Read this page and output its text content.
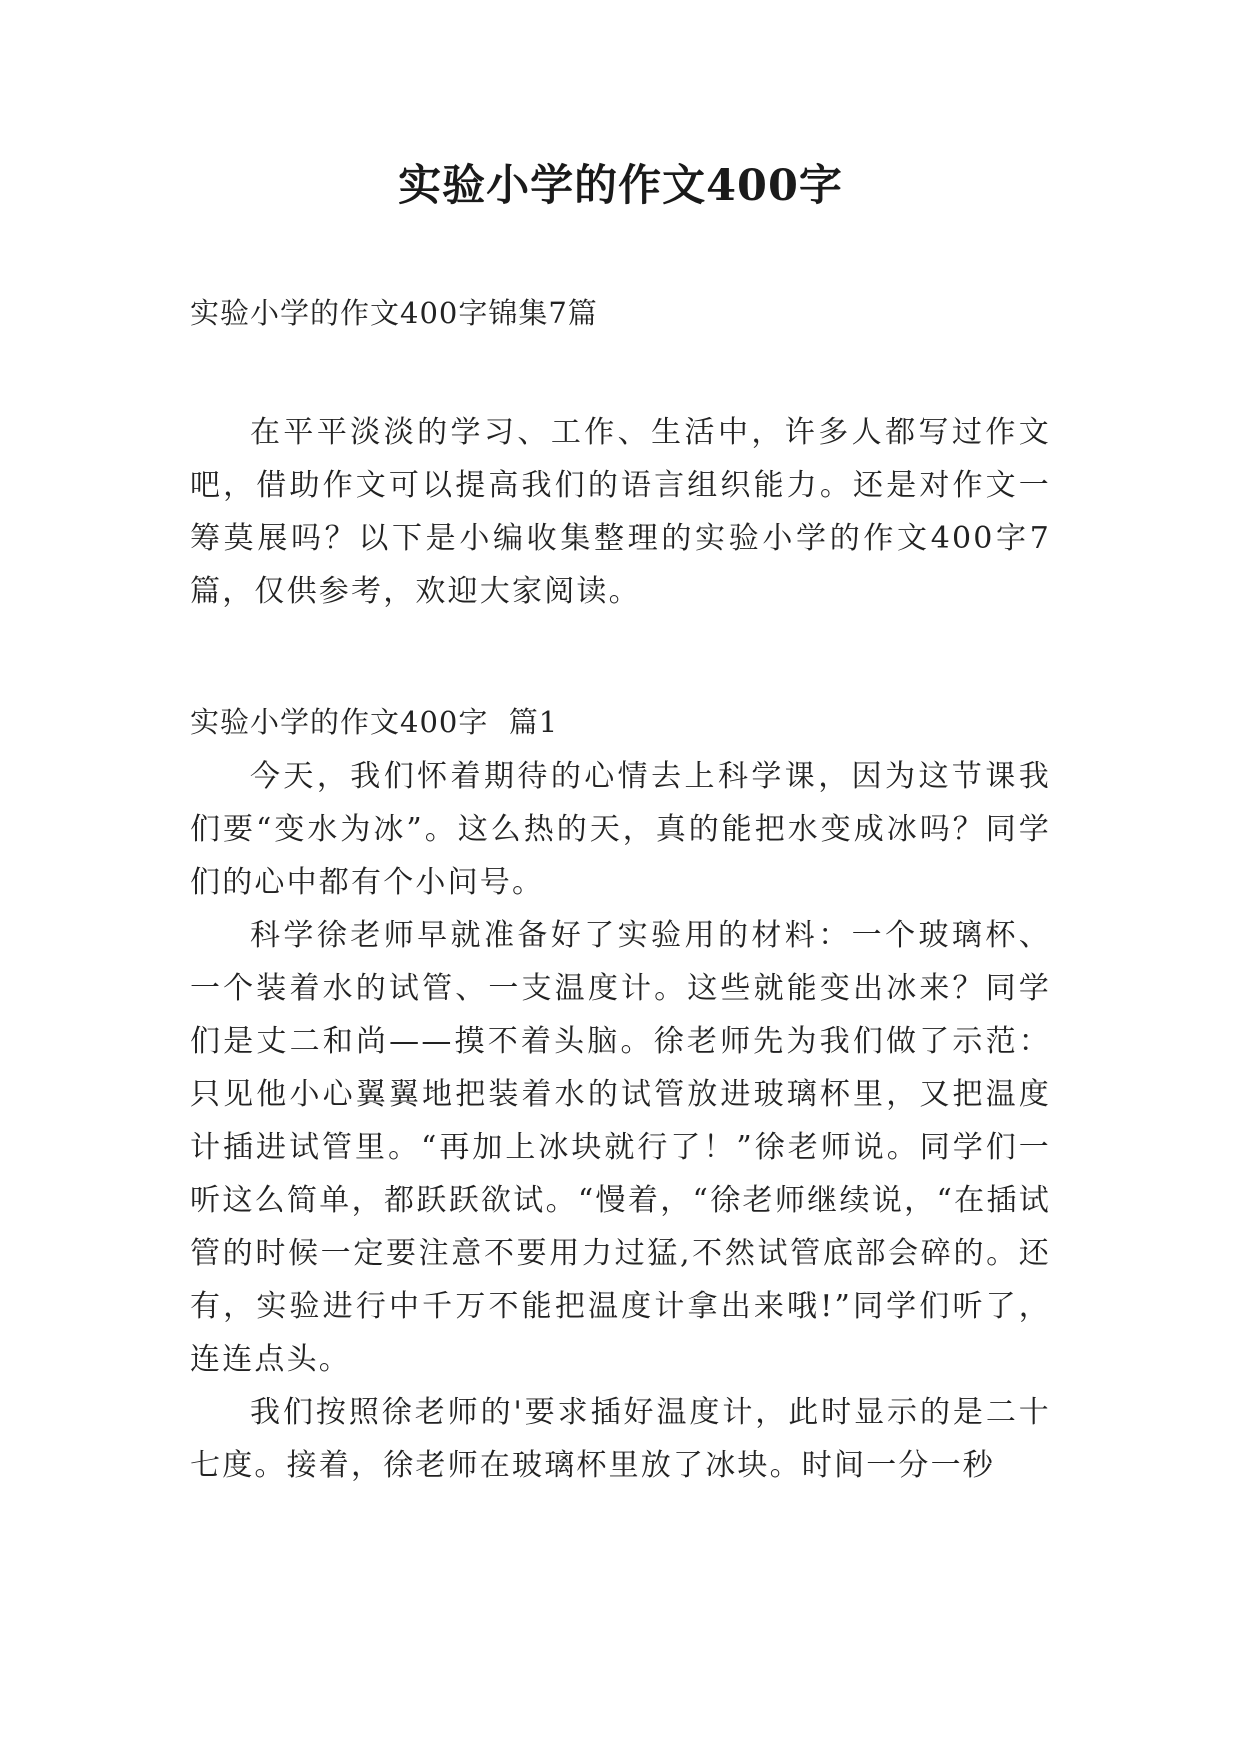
实验小学的作文400字
实验小学的作文400字锦集7篇

在平平淡淡的学习、工作、生活中，许多人都写过作文吧，借助作文可以提高我们的语言组织能力。还是对作文一筹莫展吗？以下是小编收集整理的实验小学的作文400字7篇，仅供参考，欢迎大家阅读。

实验小学的作文400字  篇1

今天，我们怀着期待的心情去上科学课，因为这节课我们要“变水为冰”。这么热的天，真的能把水变成冰吗？同学们的心中都有个小问号。

科学徐老师早就准备好了实验用的材料：一个玻璃杯、一个装着水的试管、一支温度计。这些就能变出冰来？同学们是丈二和尚——摸不着头脑。徐老师先为我们做了示范：只见他小心翼翼地把装着水的试管放进玻璃杯里，又把温度计插进试管里。“再加上冰块就行了！”徐老师说。同学们一听这么简单，都跃跃欲试。“慢着，“徐老师继续说，“在插试管的时候一定要注意不要用力过猛,不然试管底部会碎的。还有，实验进行中千万不能把温度计拿出来哦!”同学们听了，连连点头。

我们按照徐老师的'要求插好温度计，此时显示的是二十七度。接着，徐老师在玻璃杯里放了冰块。时间一分一秒
